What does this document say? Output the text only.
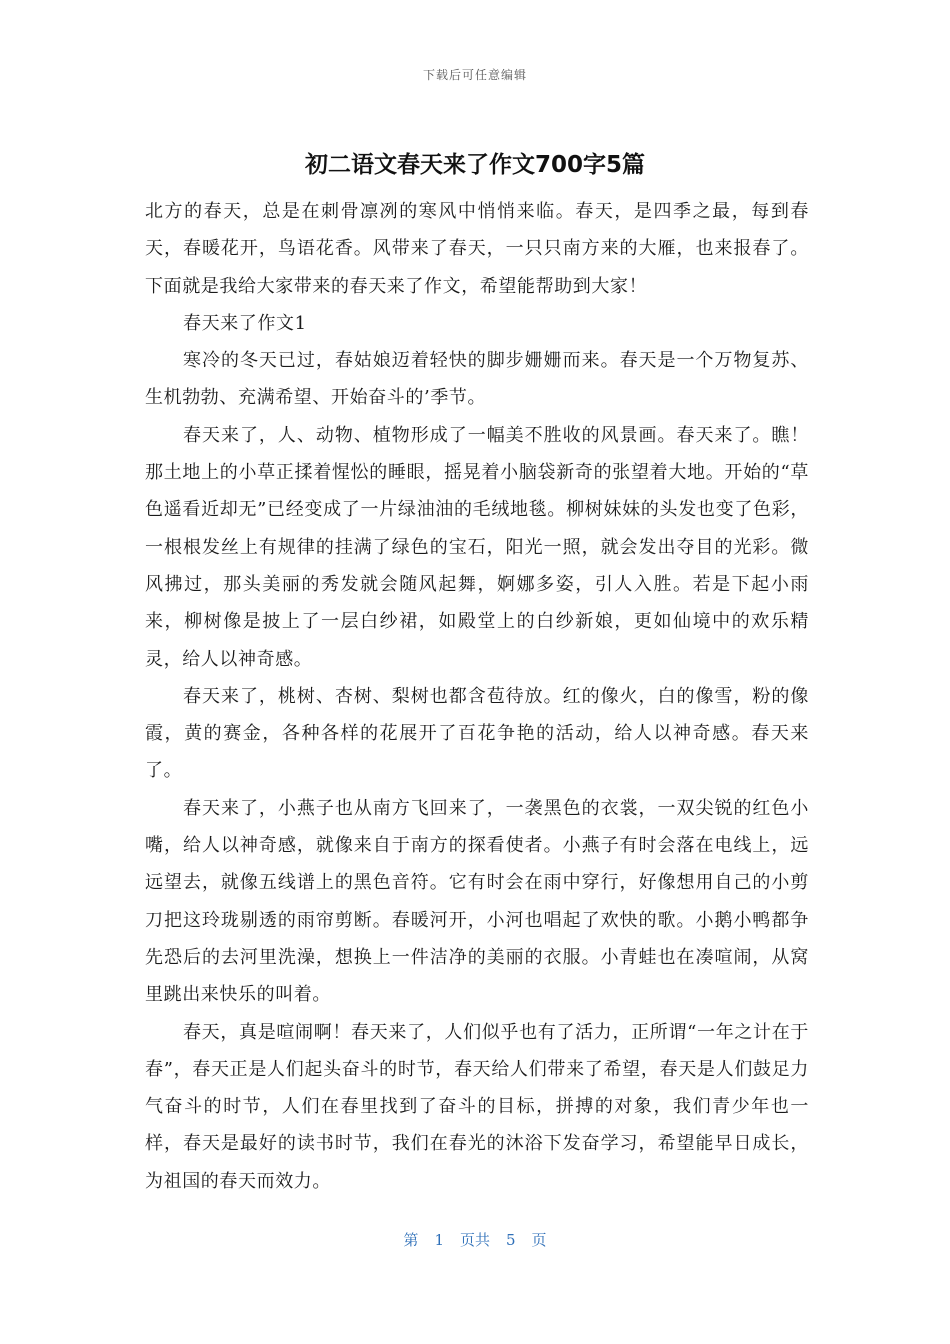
下载后可任意编辑
初二语文春天来了作文700字5篇

北方的春天，总是在刺骨凛冽的寒风中悄悄来临。春天，是四季之最，每到春天，春暖花开，鸟语花香。风带来了春天，一只只南方来的大雁，也来报春了。下面就是我给大家带来的春天来了作文，希望能帮助到大家！

春天来了作文1

寒冷的冬天已过，春姑娘迈着轻快的脚步姗姗而来。春天是一个万物复苏、生机勃勃、充满希望、开始奋斗的’季节。

春天来了，人、动物、植物形成了一幅美不胜收的风景画。春天来了。瞧！那土地上的小草正揉着惺忪的睡眼，摇晃着小脑袋新奇的张望着大地。开始的“草色遥看近却无”已经变成了一片绿油油的毛绒地毯。柳树妹妹的头发也变了色彩，一根根发丝上有规律的挂满了绿色的宝石，阳光一照，就会发出夺目的光彩。微风拂过，那头美丽的秀发就会随风起舞，婀娜多姿，引人入胜。若是下起小雨来，柳树像是披上了一层白纱裙，如殿堂上的白纱新娘，更如仙境中的欢乐精灵，给人以神奇感。

春天来了，桃树、杏树、梨树也都含苞待放。红的像火，白的像雪，粉的像霞，黄的赛金，各种各样的花展开了百花争艳的活动，给人以神奇感。春天来了。

春天来了，小燕子也从南方飞回来了，一袭黑色的衣裳，一双尖锐的红色小嘴，给人以神奇感，就像来自于南方的探看使者。小燕子有时会落在电线上，远远望去，就像五线谱上的黑色音符。它有时会在雨中穿行，好像想用自己的小剪刀把这玲珑剔透的雨帘剪断。春暖河开，小河也唱起了欢快的歌。小鹅小鸭都争先恐后的去河里洗澡，想换上一件洁净的美丽的衣服。小青蛙也在凑喧闹，从窝里跳出来快乐的叫着。

春天，真是喧闹啊！春天来了，人们似乎也有了活力，正所谓“一年之计在于春”，春天正是人们起头奋斗的时节，春天给人们带来了希望，春天是人们鼓足力气奋斗的时节，人们在春里找到了奋斗的目标，拼搏的对象，我们青少年也一样，春天是最好的读书时节，我们在春光的沐浴下发奋学习，希望能早日成长，为祖国的春天而效力。

第 1 页共 5 页
